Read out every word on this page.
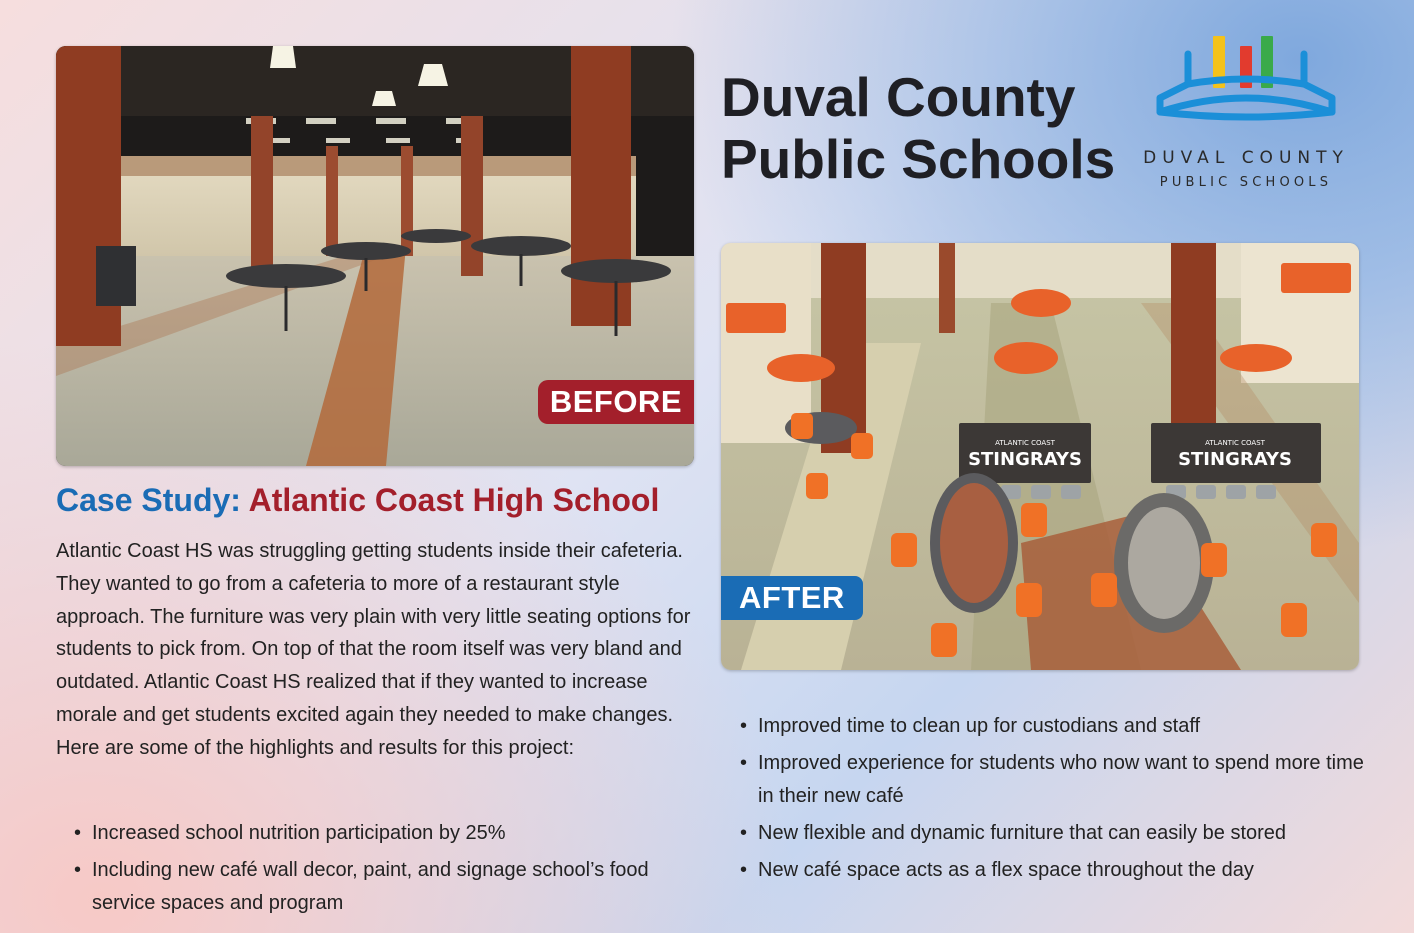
BEFORE
Duval County
Public Schools	DUVAL COUNTY
PUBLIC SCHOOLS
ATLANTIC COAST
STINGRAYS
ATLANTIC COAST
STINGRAYS
AFTER
Case Study: Atlantic Coast High School

Atlantic Coast HS was struggling getting students inside their cafeteria. They wanted to go from a cafeteria to more of a restaurant style approach. The furniture was very plain with very little seating options for students to pick from. On top of that the room itself was very bland and outdated. Atlantic Coast HS realized that if they wanted to increase morale and get students excited again they needed to make changes. Here are some of the highlights and results for this project:

• Increased school nutrition participation by 25%
• Including new café wall decor, paint, and signage school’s food service spaces and program
• Improved time to clean up for custodians and staff
• Improved experience for students who now want to spend more time in their new café
• New flexible and dynamic furniture that can easily be stored
• New café space acts as a flex space throughout the day
